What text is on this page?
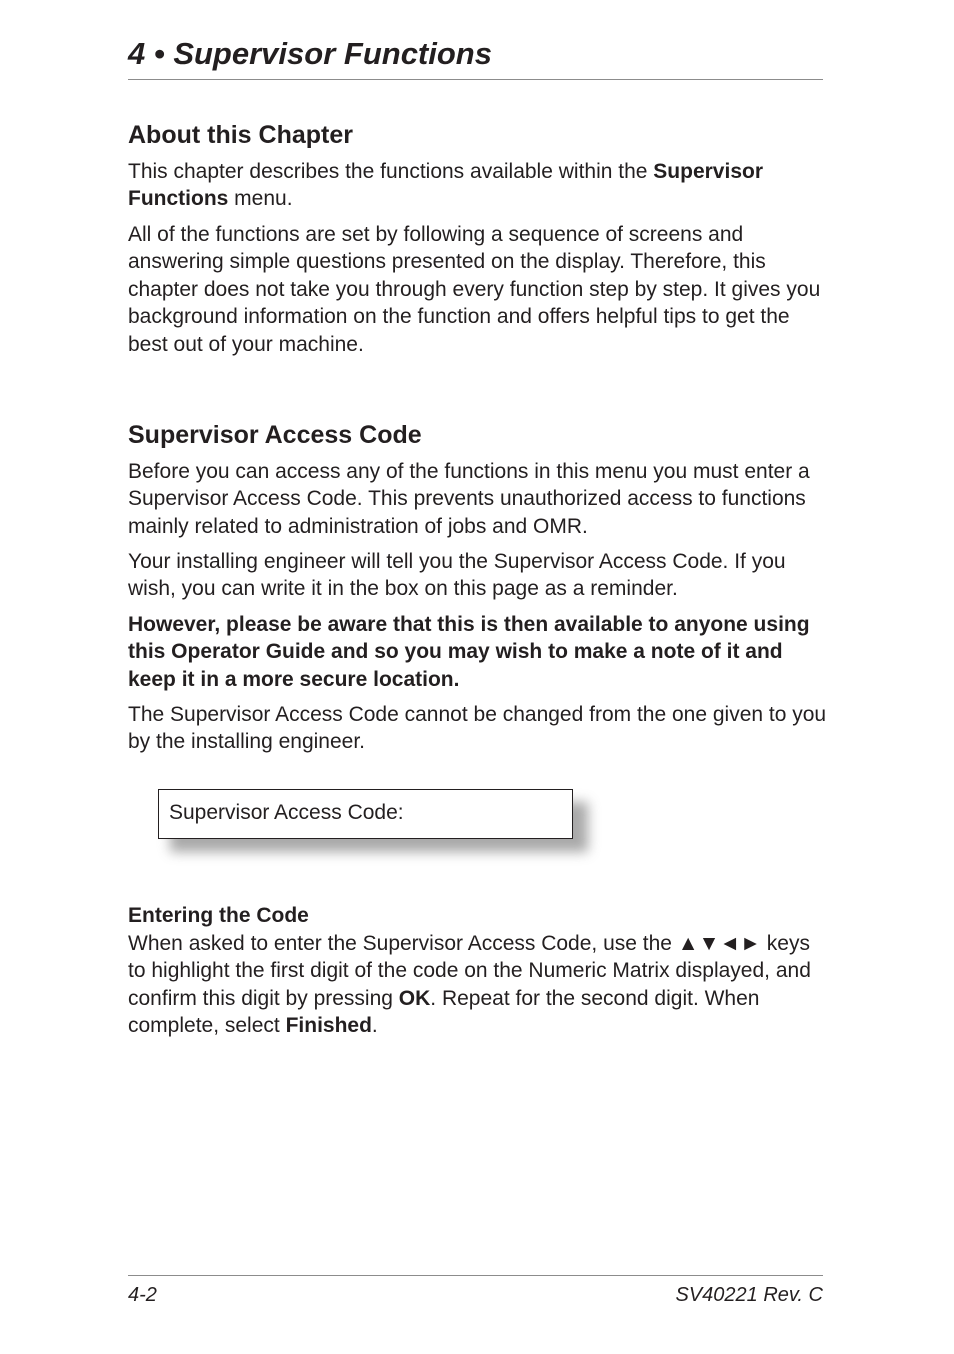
4 • Supervisor Functions
About this Chapter

This chapter describes the functions available within the Supervisor Functions menu.

All of the functions are set by following a sequence of screens and answering simple questions presented on the display. Therefore, this chapter does not take you through every function step by step. It gives you background information on the function and offers helpful tips to get the best out of your machine.

Supervisor Access Code

Before you can access any of the functions in this menu you must enter a Supervisor Access Code. This prevents unauthorized access to functions mainly related to administration of jobs and OMR.

Your installing engineer will tell you the Supervisor Access Code. If you wish, you can write it in the box on this page as a reminder.

However, please be aware that this is then available to anyone using this Operator Guide and so you may wish to make a note of it and keep it in a more secure location.

The Supervisor Access Code cannot be changed from the one given to you by the installing engineer.

Supervisor Access Code:
Entering the Code

When asked to enter the Supervisor Access Code, use the ▲▼◄► keys to highlight the first digit of the code on the Numeric Matrix displayed, and confirm this digit by pressing OK. Repeat for the second digit. When complete, select Finished.

4-2	SV40221 Rev. C
